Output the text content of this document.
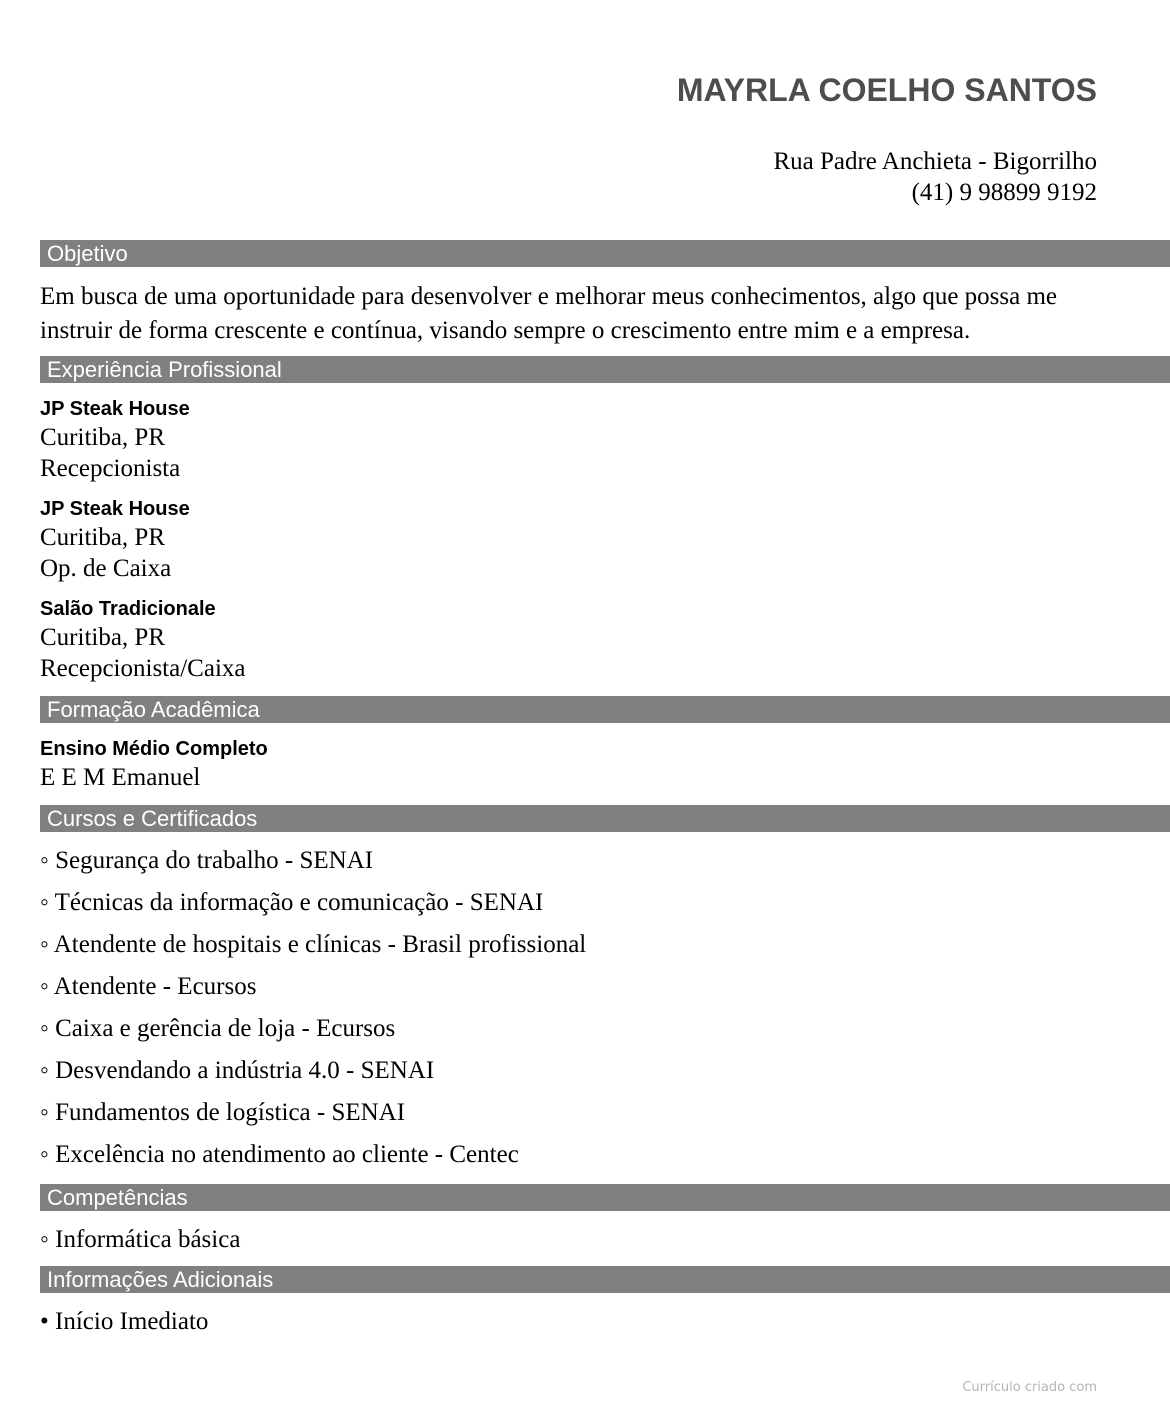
MAYRLA COELHO SANTOS
Rua Padre Anchieta - Bigorrilho
(41) 9 98899 9192
Objetivo

Em busca de uma oportunidade para desenvolver e melhorar meus conhecimentos, algo que possa me instruir de forma crescente e contínua, visando sempre o crescimento entre mim e a empresa.

Experiência Profissional
JP Steak House
Curitiba, PR
Recepcionista
JP Steak House
Curitiba, PR
Op. de Caixa
Salão Tradicionale
Curitiba, PR
Recepcionista/Caixa
Formação Acadêmica
Ensino Médio Completo
E E M Emanuel
Cursos e Certificados
◦ Segurança do trabalho - SENAI
◦ Técnicas da informação e comunicação - SENAI
◦ Atendente de hospitais e clínicas - Brasil profissional
◦ Atendente - Ecursos
◦ Caixa e gerência de loja - Ecursos
◦ Desvendando a indústria 4.0 - SENAI
◦ Fundamentos de logística - SENAI
◦ Excelência no atendimento ao cliente - Centec
Competências
◦ Informática básica
Informações Adicionais
• Início Imediato
Currículo criado com
